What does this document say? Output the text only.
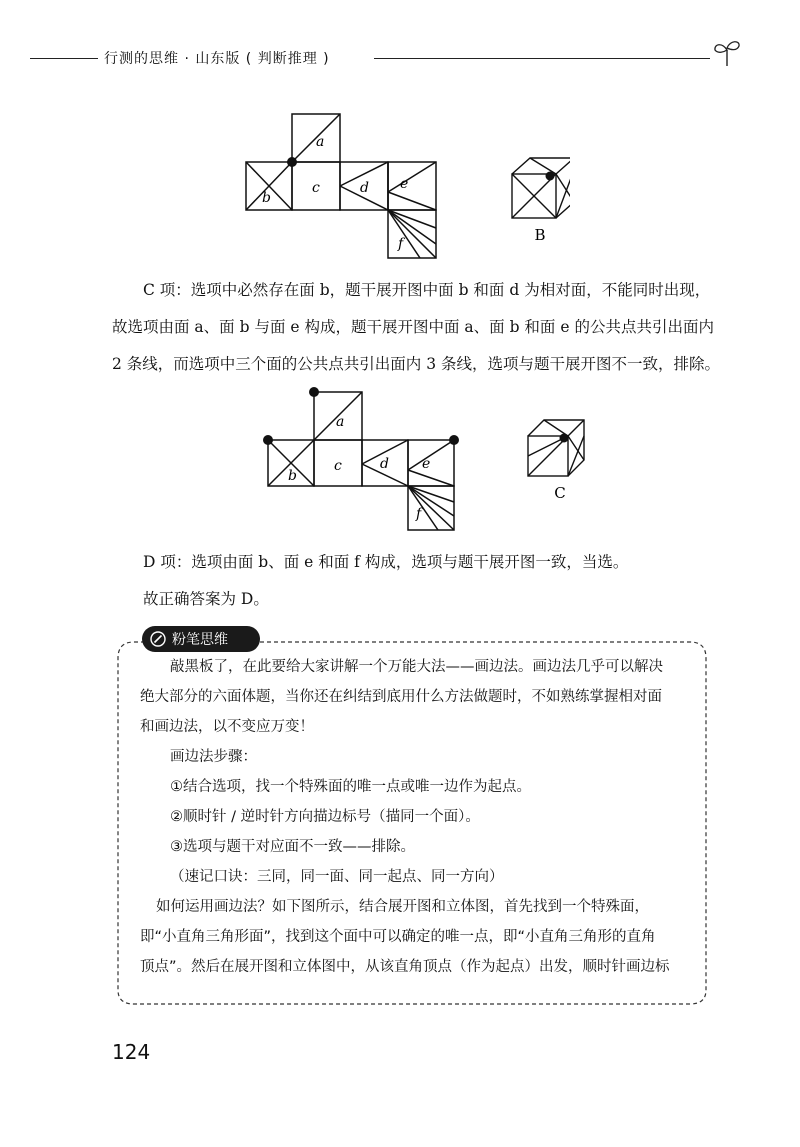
行测的思维 · 山东版 ( 判断推理 )
a
b
c	d e
f	B

C 项：选项中必然存在面 b，题干展开图中面 b 和面 d 为相对面，不能同时出现，
故选项由面 a、面 b 与面 e 构成，题干展开图中面 a、面 b 和面 e 的公共点共引出面内
2 条线，而选项中三个面的公共点共引出面内 3 条线，选项与题干展开图不一致，排除。

a
b
c	d e
f
C

D 项：选项由面 b、面 e 和面 f 构成，选项与题干展开图一致，当选。
故正确答案为 D。

粉笔思维
敲黑板了，在此要给大家讲解一个万能大法——画边法。画边法几乎可以解决
绝大部分的六面体题，当你还在纠结到底用什么方法做题时，不如熟练掌握相对面
和画边法，以不变应万变！
画边法步骤：
①结合选项，找一个特殊面的唯一点或唯一边作为起点。
②顺时针 / 逆时针方向描边标号（描同一个面）。
③选项与题干对应面不一致——排除。
（速记口诀：三同，同一面、同一起点、同一方向）
如何运用画边法？如下图所示，结合展开图和立体图，首先找到一个特殊面，
即“小直角三角形面”，找到这个面中可以确定的唯一点，即“小直角三角形的直角
顶点”。然后在展开图和立体图中，从该直角顶点（作为起点）出发，顺时针画边标
124
